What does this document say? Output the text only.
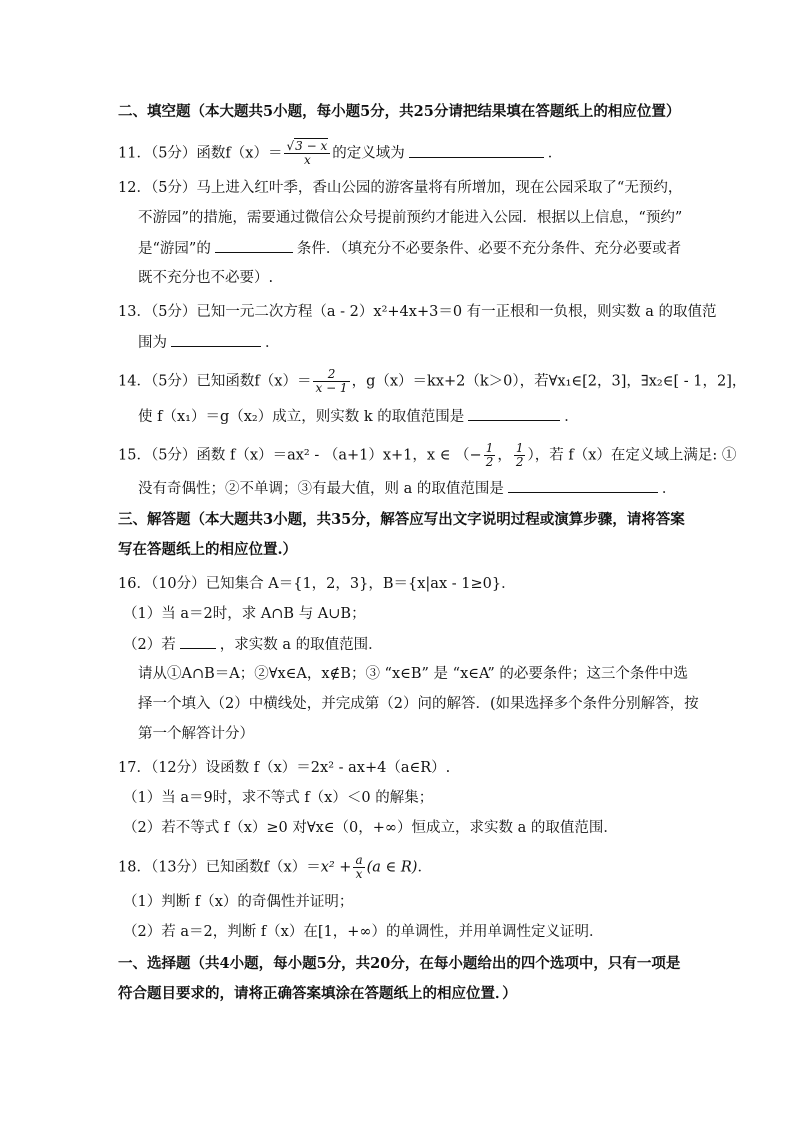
二、填空题（本大题共5小题，每小题5分，共25分请把结果填在答题纸上的相应位置）
11．（5分）函数$f(x)= \frac{√3 - x}{x}$ 的定义域为	．
12．（5分）马上进入红叶季，香山公园的游客量将有所增加，现在公园采取了“无预约，
不游园”的措施，需要通过微信公众号提前预约才能进入公园．根据以上信息，“预约”
是“游园”的	条件．（填充分不必要条件、必要不充分条件、充分必要或者
既不充分也不必要）.
13．（5分）已知一元二次方程（a - 2）x²+4x+3＝0 有一正根和一负根，则实数 a 的取值范
围为	．
14．（5分）已知函数$f(x)= \frac{2}{x - 1}$ ，g（x）＝kx+2（k＞0），若∀x₁∈[2，3]，∃x₂∈[ - 1，2]，
使 f（x₁）＝g（x₂）成立，则实数 k 的取值范围是	．
15．（5分）函数 f（x）＝ax² - （a+1）x+1，x ∈ （− $\frac{1}{2}$ ， $\frac{1}{2}$ ），若 f（x）在定义域上满足: ①
没有奇偶性；②不单调；③有最大值，则 a 的取值范围是	．
三、解答题（本大题共3小题，共35分，解答应写出文字说明过程或演算步骤，请将答案
写在答题纸上的相应位置.）
16．（10分）已知集合 A＝{1，2，3}，B＝{x|ax - 1≥0}．
（1）当 a＝2时，求 A∩B 与 A∪B；
（2）若	，求实数 a 的取值范围．
请从①A∩B＝A；②∀x∈A，x∉B；③ “x∈B” 是 “x∈A” 的必要条件；这三个条件中选
择一个填入（2）中横线处，并完成第（2）问的解答．(如果选择多个条件分别解答，按
第一个解答计分）
17．（12分）设函数 f（x）＝2x² - ax+4（a∈R）.
（1）当 a＝9时，求不等式 f（x）＜0 的解集；
（2）若不等式 f（x）≥0 对∀x∈（0，+∞）恒成立，求实数 a 的取值范围．
18．（13分）已知函数$f(x)=x^2 + \frac{a}{x} (a$ ∈ R)．
（1）判断 f（x）的奇偶性并证明；
（2）若 a＝2，判断 f（x）在[1，+∞）的单调性，并用单调性定义证明．
一、选择题（共4小题，每小题5分，共20分，在每小题给出的四个选项中，只有一项是
符合题目要求的，请将正确答案填涂在答题纸上的相应位置．）
